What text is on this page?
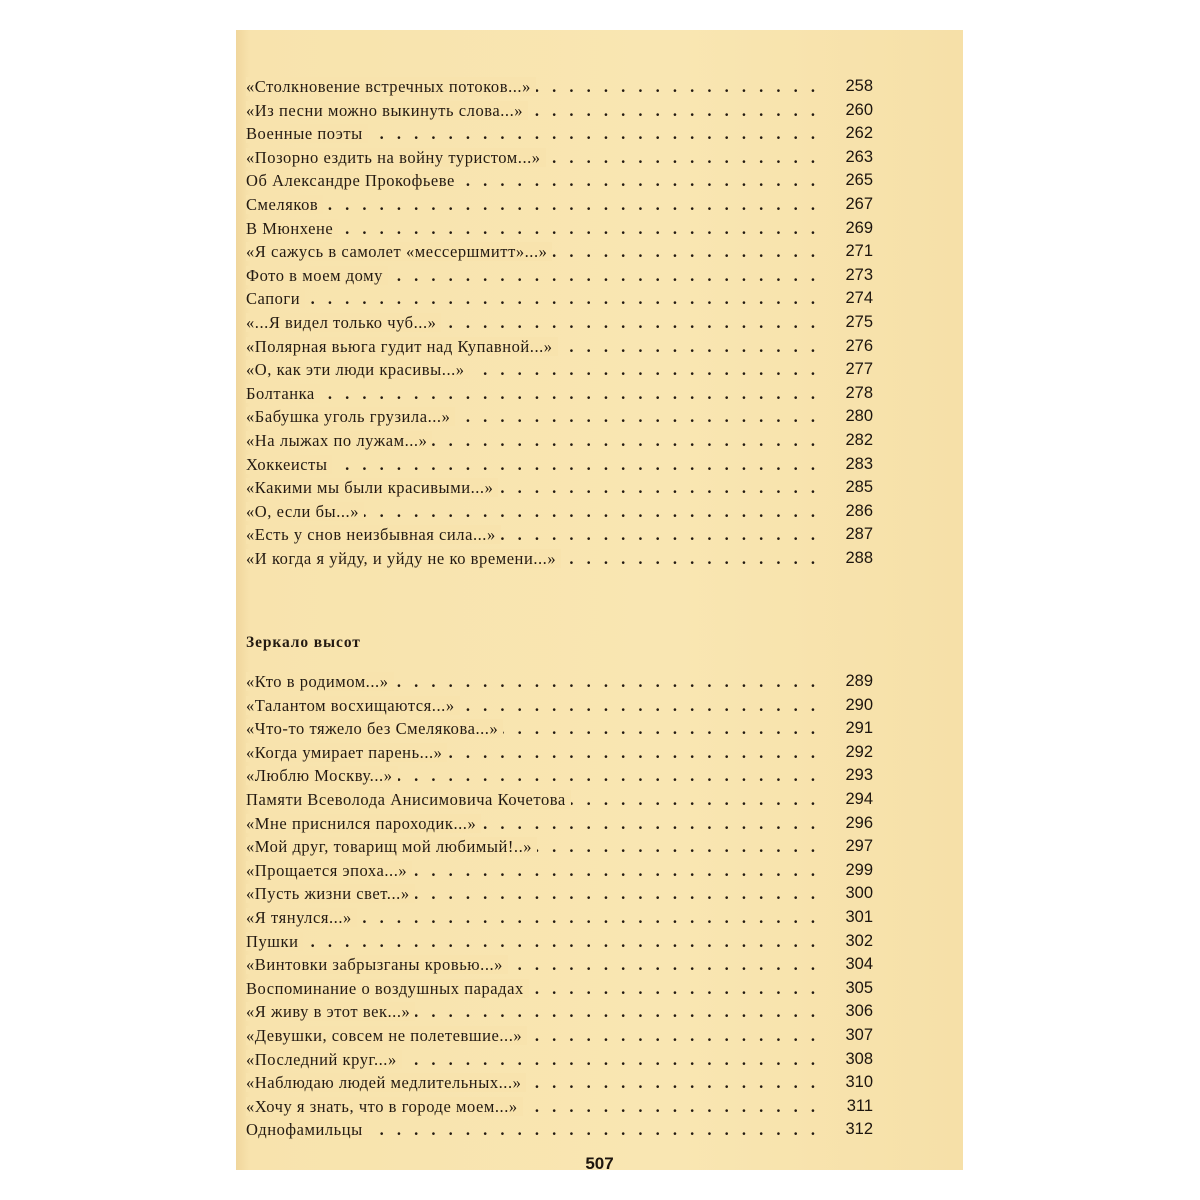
. . .
«Столкновение встречных потоков...»	258
. . .
«Из песни можно выкинуть слова...»	260
. . .
Военные поэты	262
. . .
«Позорно ездить на войну туристом...»	263
. . .
Об Александре Прокофьеве	265
. . .
Смеляков	267
. . .
В Мюнхене	269
. . .
«Я сажусь в самолет «мессершмитт»...»	271
. . .
Фото в моем дому	273
. . .
Сапоги	274
. . .
«...Я видел только чуб...»	275
. . .
«Полярная вьюга гудит над Купавной...»	276
. . .
«О, как эти люди красивы...»	277
. . .
Болтанка	278
. . .
«Бабушка уголь грузила...»	280
. . .
«На лыжах по лужам...»	282
. . .
Хоккеисты	283
. . .
«Какими мы были красивыми...»	285
. . .
«О, если бы...»	286
. . .
«Есть у снов неизбывная сила...»	287
. . .
«И когда я уйду, и уйду не ко времени...»	288
Зеркало высот
. . .
«Кто в родимом...»	289
. . .
«Талантом восхищаются...»	290
. . .
«Что-то тяжело без Смелякова...»	291
. . .
«Когда умирает парень...»	292
. . .
«Люблю Москву...»	293
. . .
Памяти Всеволода Анисимовича Кочетова	294
. . .
«Мне приснился пароходик...»	296
. . .
«Мой друг, товарищ мой любимый!..»	297
. . .
«Прощается эпоха...»	299
. . .
«Пусть жизни свет...»	300
. . .
«Я тянулся...»	301
. . .
Пушки	302
. . .
«Винтовки забрызганы кровью...»	304
. . .
Воспоминание о воздушных парадах	305
. . .
«Я живу в этот век...»	306
. . .
«Девушки, совсем не полетевшие...»	307
. . .
«Последний круг...»	308
. . .
«Наблюдаю людей медлительных...»	310
. . .
«Хочу я знать, что в городе моем...»	311
. . .
Однофамильцы	312
507
